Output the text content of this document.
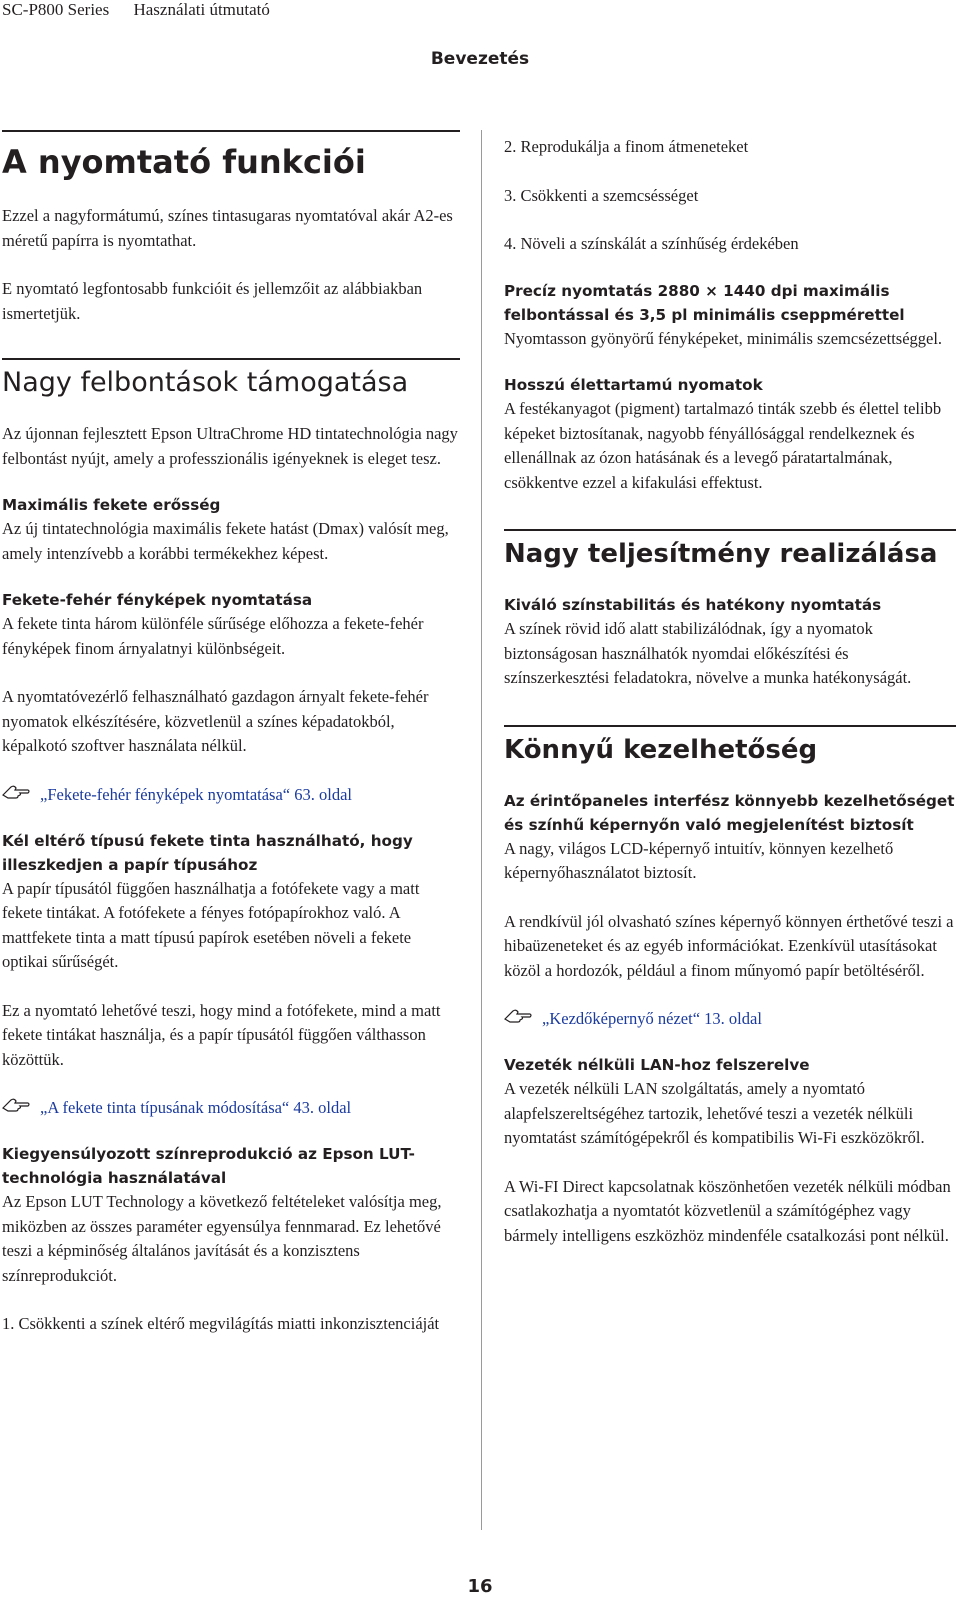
SC-P800 Series Használati útmutató
Bevezetés
A nyomtató funkciói

Ezzel a nagyformátumú, színes tintasugaras nyomtatóval akár A2-es méretű papírra is nyomtathat.

E nyomtató legfontosabb funkcióit és jellemzőit az alábbiakban ismertetjük.

Nagy felbontások támogatása

Az újonnan fejlesztett Epson UltraChrome HD tintatechnológia nagy felbontást nyújt, amely a professzionális igényeknek is eleget tesz.

Maximális fekete erősség

Az új tintatechnológia maximális fekete hatást (Dmax) valósít meg, amely intenzívebb a korábbi termékekhez képest.

Fekete-fehér fényképek nyomtatása

A fekete tinta három különféle sűrűsége előhozza a fekete-fehér fényképek finom árnyalatnyi különbségeit.

A nyomtatóvezérlő felhasználható gazdagon árnyalt fekete-fehér nyomatok elkészítésére, közvetlenül a színes képadatokból, képalkotó szoftver használata nélkül.

„Fekete-fehér fényképek nyomtatása“ 63. oldal
Kél eltérő típusú fekete tinta használható, hogy illeszkedjen a papír típusához

A papír típusától függően használhatja a fotófekete vagy a matt fekete tintákat. A fotófekete a fényes fotópapírokhoz való. A mattfekete tinta a matt típusú papírok esetében növeli a fekete optikai sűrűségét.

Ez a nyomtató lehetővé teszi, hogy mind a fotófekete, mind a matt fekete tintákat használja, és a papír típusától függően válthasson közöttük.

„A fekete tinta típusának módosítása“ 43. oldal
Kiegyensúlyozott színreprodukció az Epson LUT-technológia használatával

Az Epson LUT Technology a következő feltételeket valósítja meg, miközben az összes paraméter egyensúlya fennmarad. Ez lehetővé teszi a képminőség általános javítását és a konzisztens színreprodukciót.

1. Csökkenti a színek eltérő megvilágítás miatti inkonzisztenciáját

2. Reprodukálja a finom átmeneteket

3. Csökkenti a szemcsésséget

4. Növeli a színskálát a színhűség érdekében

Precíz nyomtatás 2880 × 1440 dpi maximális felbontással és 3,5 pl minimális cseppmérettel

Nyomtasson gyönyörű fényképeket, minimális szemcsézettséggel.

Hosszú élettartamú nyomatok

A festékanyagot (pigment) tartalmazó tinták szebb és élettel telibb képeket biztosítanak, nagyobb fényállósággal rendelkeznek és ellenállnak az ózon hatásának és a levegő páratartalmának, csökkentve ezzel a kifakulási effektust.

Nagy teljesítmény realizálása
Kiváló színstabilitás és hatékony nyomtatás

A színek rövid idő alatt stabilizálódnak, így a nyomatok biztonságosan használhatók nyomdai előkészítési és színszerkesztési feladatokra, növelve a munka hatékonyságát.

Könnyű kezelhetőség
Az érintőpaneles interfész könnyebb kezelhetőséget és színhű képernyőn való megjelenítést biztosít

A nagy, világos LCD-képernyő intuitív, könnyen kezelhető képernyőhasználatot biztosít.

A rendkívül jól olvasható színes képernyő könnyen érthetővé teszi a hibaüzeneteket és az egyéb információkat. Ezenkívül utasításokat közöl a hordozók, például a finom műnyomó papír betöltéséről.

„Kezdőképernyő nézet“ 13. oldal
Vezeték nélküli LAN-hoz felszerelve

A vezeték nélküli LAN szolgáltatás, amely a nyomtató alapfelszereltségéhez tartozik, lehetővé teszi a vezeték nélküli nyomtatást számítógépekről és kompatibilis Wi-Fi eszközökről.

A Wi-FI Direct kapcsolatnak köszönhetően vezeték nélküli módban csatlakozhatja a nyomtatót közvetlenül a számítógéphez vagy bármely intelligens eszközhöz mindenféle csatalkozási pont nélkül.

16
